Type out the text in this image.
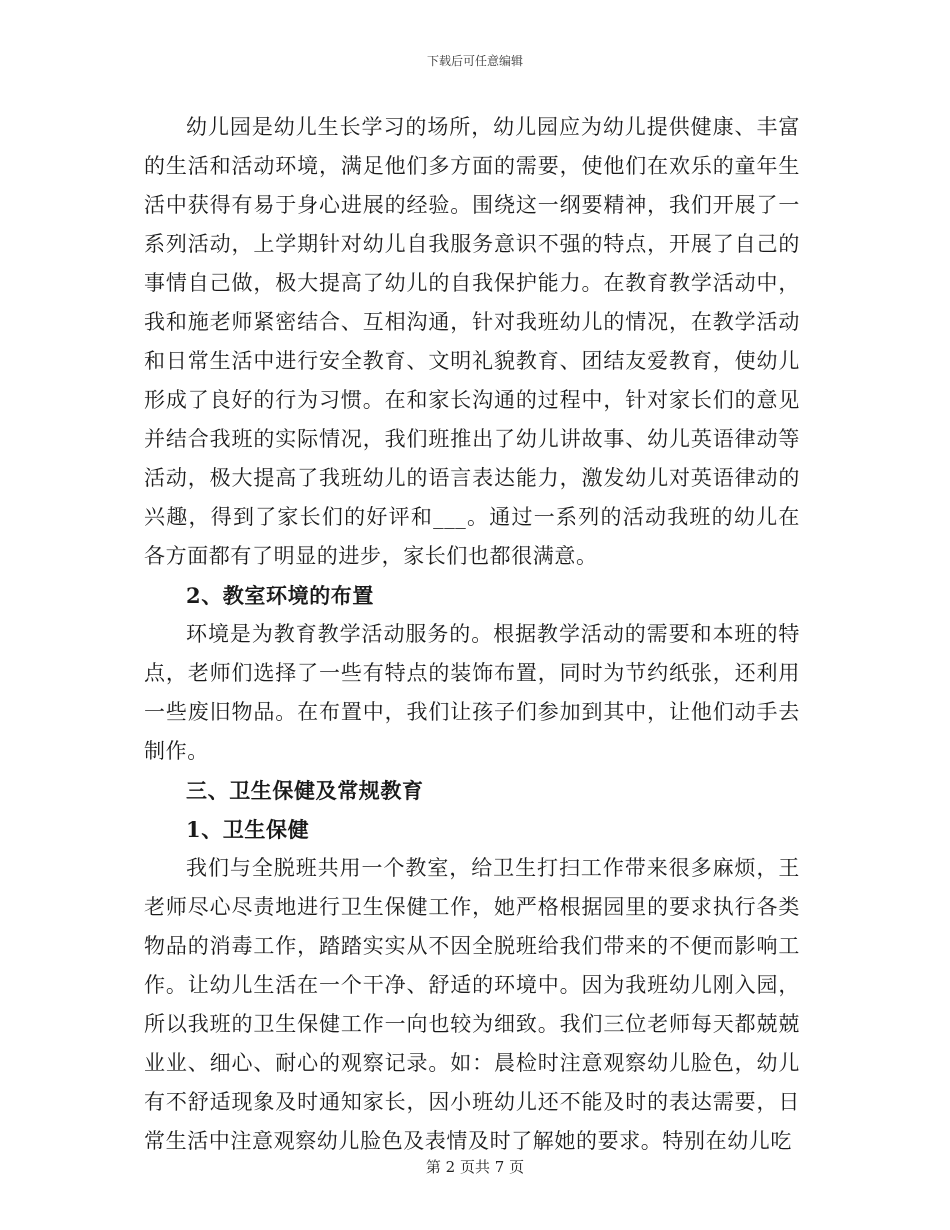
下载后可任意编辑

幼儿园是幼儿生长学习的场所，幼儿园应为幼儿提供健康、丰富的生活和活动环境，满足他们多方面的需要，使他们在欢乐的童年生活中获得有易于身心进展的经验。围绕这一纲要精神，我们开展了一系列活动，上学期针对幼儿自我服务意识不强的特点，开展了自己的事情自己做，极大提高了幼儿的自我保护能力。在教育教学活动中，我和施老师紧密结合、互相沟通，针对我班幼儿的情况，在教学活动和日常生活中进行安全教育、文明礼貌教育、团结友爱教育，使幼儿形成了良好的行为习惯。在和家长沟通的过程中，针对家长们的意见并结合我班的实际情况，我们班推出了幼儿讲故事、幼儿英语律动等活动，极大提高了我班幼儿的语言表达能力，激发幼儿对英语律动的兴趣，得到了家长们的好评和___。通过一系列的活动我班的幼儿在各方面都有了明显的进步，家长们也都很满意。

2、教室环境的布置

环境是为教育教学活动服务的。根据教学活动的需要和本班的特点，老师们选择了一些有特点的装饰布置，同时为节约纸张，还利用一些废旧物品。在布置中，我们让孩子们参加到其中，让他们动手去制作。

三、卫生保健及常规教育

1、卫生保健

我们与全脱班共用一个教室，给卫生打扫工作带来很多麻烦，王老师尽心尽责地进行卫生保健工作，她严格根据园里的要求执行各类物品的消毒工作，踏踏实实从不因全脱班给我们带来的不便而影响工作。让幼儿生活在一个干净、舒适的环境中。因为我班幼儿刚入园，所以我班的卫生保健工作一向也较为细致。我们三位老师每天都兢兢业业、细心、耐心的观察记录。如：晨检时注意观察幼儿脸色，幼儿有不舒适现象及时通知家长，因小班幼儿还不能及时的表达需要，日常生活中注意观察幼儿脸色及表情及时了解她的要求。特别在幼儿吃

第 2 页共 7 页
